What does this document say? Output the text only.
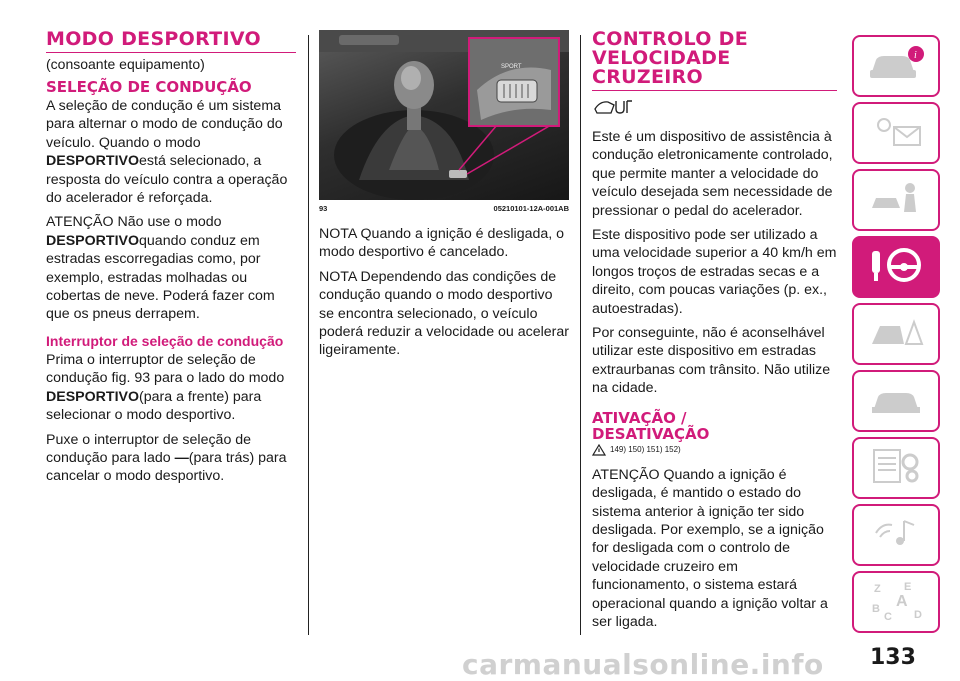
MODO DESPORTIVO
(consoante equipamento)
SELEÇÃO DE CONDUÇÃO

A seleção de condução é um sistema para alternar o modo de condução do veículo. Quando o modo DESPORTIVOestá selecionado, a resposta do veículo contra a operação do acelerador é reforçada.

ATENÇÃO Não use o modo DESPORTIVOquando conduz em estradas escorregadias como, por exemplo, estradas molhadas ou cobertas de neve. Poderá fazer com que os pneus derrapem.

Interruptor de seleção de condução

Prima o interruptor de seleção de condução fig. 93 para o lado do modo DESPORTIVO(para a frente) para selecionar o modo desportivo.

Puxe o interruptor de seleção de condução para lado —(para trás) para cancelar o modo desportivo.

SPORT
93	05210101-12A-001AB

NOTA Quando a ignição é desligada, o modo desportivo é cancelado.

NOTA Dependendo das condições de condução quando o modo desportivo se encontra selecionado, o veículo poderá reduzir a velocidade ou acelerar ligeiramente.

CONTROLO DE VELOCIDADE CRUZEIRO

Este é um dispositivo de assistência à condução eletronicamente controlado, que permite manter a velocidade do veículo desejada sem necessidade de pressionar o pedal do acelerador.

Este dispositivo pode ser utilizado a uma velocidade superior a 40 km/h em longos troços de estradas secas e a direito, com poucas variações (p. ex., autoestradas).

Por conseguinte, não é aconselhável utilizar este dispositivo em estradas extraurbanas com trânsito. Não utilize na cidade.

ATIVAÇÃO / DESATIVAÇÃO
149) 150) 151) 152)

ATENÇÃO Quando a ignição é desligada, é mantido o estado do sistema anterior à ignição ter sido desligada. Por exemplo, se a ignição for desligada com o controlo de velocidade cruzeiro em funcionamento, o sistema estará operacional quando a ignição voltar a ser ligada.

i
Z E
A
B
C D
carmanualsonline.info 133
